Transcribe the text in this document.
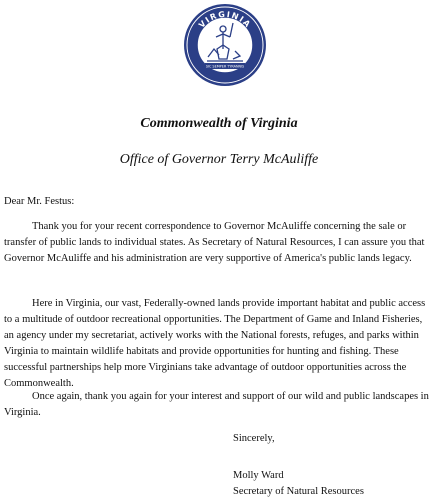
VIRGINIA
SIC SEMPER TYRANNIS
Commonwealth of Virginia
Office of Governor Terry McAuliffe
Dear Mr. Festus:
Thank you for your recent correspondence to Governor McAuliffe concerning the sale or transfer of public lands to individual states. As Secretary of Natural Resources, I can assure you that Governor McAuliffe and his administration are very supportive of America's public lands legacy.
Here in Virginia, our vast, Federally-owned lands provide important habitat and public access to a multitude of outdoor recreational opportunities. The Department of Game and Inland Fisheries, an agency under my secretariat, actively works with the National forests, refuges, and parks within Virginia to maintain wildlife habitats and provide opportunities for hunting and fishing. These successful partnerships help more Virginians take advantage of outdoor opportunities across the Commonwealth.
Once again, thank you again for your interest and support of our wild and public landscapes in Virginia.
Sincerely,
Molly Ward
Secretary of Natural Resources
